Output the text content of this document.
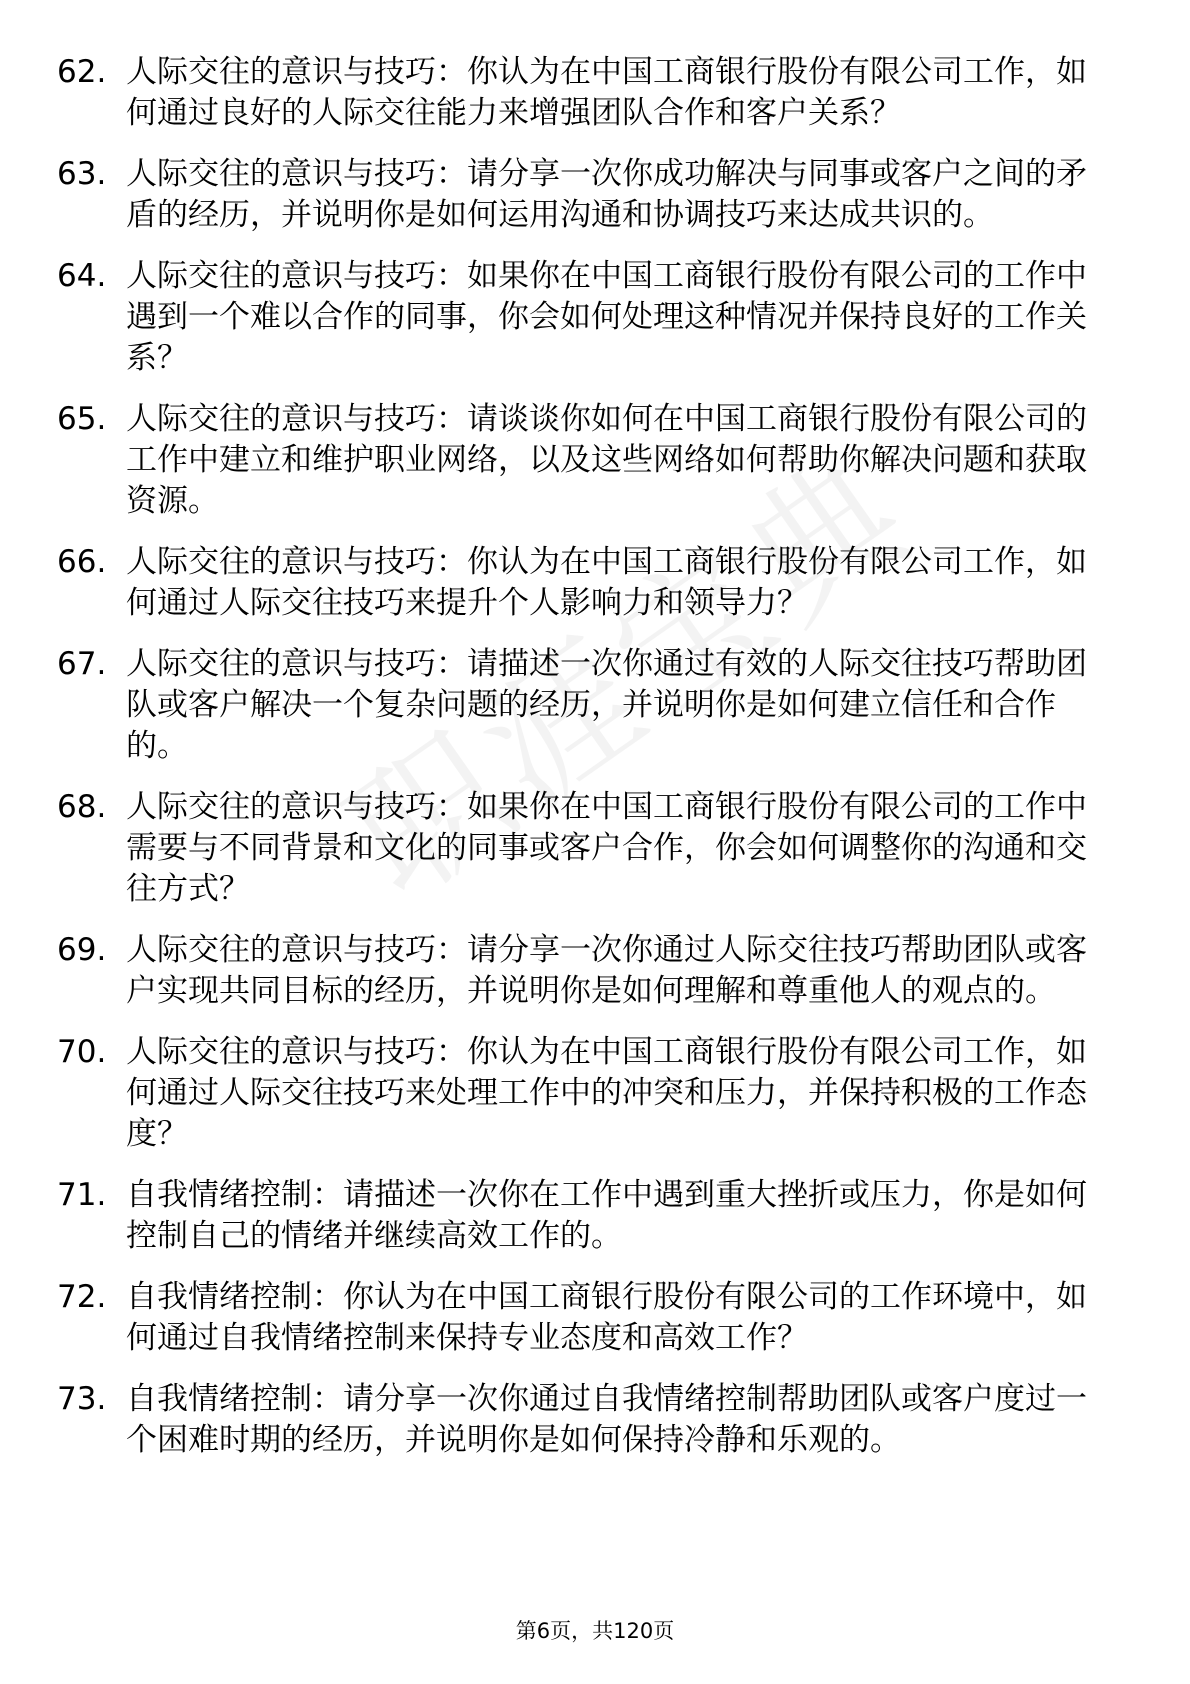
62. 人际交往的意识与技巧：你认为在中国工商银行股份有限公司工作，如何通过良好的人际交往能力来增强团队合作和客户关系？
63. 人际交往的意识与技巧：请分享一次你成功解决与同事或客户之间的矛盾的经历，并说明你是如何运用沟通和协调技巧来达成共识的。
64. 人际交往的意识与技巧：如果你在中国工商银行股份有限公司的工作中遇到一个难以合作的同事，你会如何处理这种情况并保持良好的工作关系？
65. 人际交往的意识与技巧：请谈谈你如何在中国工商银行股份有限公司的工作中建立和维护职业网络，以及这些网络如何帮助你解决问题和获取资源。
66. 人际交往的意识与技巧：你认为在中国工商银行股份有限公司工作，如何通过人际交往技巧来提升个人影响力和领导力？
67. 人际交往的意识与技巧：请描述一次你通过有效的人际交往技巧帮助团队或客户解决一个复杂问题的经历，并说明你是如何建立信任和合作的。
68. 人际交往的意识与技巧：如果你在中国工商银行股份有限公司的工作中需要与不同背景和文化的同事或客户合作，你会如何调整你的沟通和交往方式？
69. 人际交往的意识与技巧：请分享一次你通过人际交往技巧帮助团队或客户实现共同目标的经历，并说明你是如何理解和尊重他人的观点的。
70. 人际交往的意识与技巧：你认为在中国工商银行股份有限公司工作，如何通过人际交往技巧来处理工作中的冲突和压力，并保持积极的工作态度？
71. 自我情绪控制：请描述一次你在工作中遇到重大挫折或压力，你是如何控制自己的情绪并继续高效工作的。
72. 自我情绪控制：你认为在中国工商银行股份有限公司的工作环境中，如何通过自我情绪控制来保持专业态度和高效工作？
73. 自我情绪控制：请分享一次你通过自我情绪控制帮助团队或客户度过一个困难时期的经历，并说明你是如何保持冷静和乐观的。
第6页，共120页
